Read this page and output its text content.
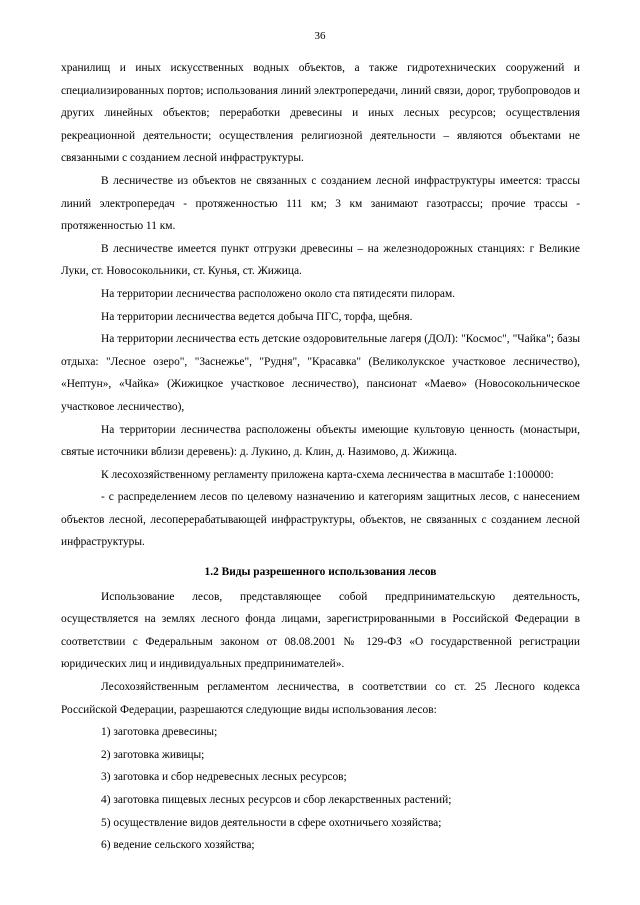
36

хранилищ и иных искусственных водных объектов, а также гидротехнических сооружений и специализированных портов; использования линий электропередачи, линий связи, дорог, трубопроводов и других линейных объектов; переработки древесины и иных лесных ресурсов; осуществления рекреационной деятельности; осуществления религиозной деятельности – являются объектами не связанными с созданием лесной инфраструктуры.

В лесничестве из объектов не связанных с созданием лесной инфраструктуры имеется: трассы линий электропередач - протяженностью 111 км; 3 км занимают газотрассы; прочие трассы - протяженностью 11 км.

В лесничестве имеется пункт отгрузки древесины – на железнодорожных станциях: г Великие Луки, ст. Новосокольники, ст. Кунья, ст. Жижица.

На территории лесничества расположено около ста пятидесяти пилорам.

На территории лесничества ведется добыча ПГС, торфа, щебня.

На территории лесничества есть детские оздоровительные лагеря (ДОЛ): "Космос", "Чайка"; базы отдыха: "Лесное озеро", "Заснежье", "Рудня", "Красавка" (Великолукское участковое лесничество), «Нептун», «Чайка» (Жижицкое участковое лесничество), пансионат «Маево» (Новосокольническое участковое лесничество),

На территории лесничества расположены объекты имеющие культовую ценность (монастыри, святые источники вблизи деревень): д. Лукино, д. Клин, д. Назимово, д. Жижица.

К лесохозяйственному регламенту приложена карта-схема лесничества в масштабе 1:100000:

- с распределением лесов по целевому назначению и категориям защитных лесов, с нанесением объектов лесной, лесоперерабатывающей инфраструктуры, объектов, не связанных с созданием лесной инфраструктуры.

1.2 Виды разрешенного использования лесов

Использование лесов, представляющее собой предпринимательскую деятельность, осуществляется на землях лесного фонда лицами, зарегистрированными в Российской Федерации в соответствии с Федеральным законом от 08.08.2001 № 129-ФЗ «О государственной регистрации юридических лиц и индивидуальных предпринимателей».

Лесохозяйственным регламентом лесничества, в соответствии со ст. 25 Лесного кодекса Российской Федерации, разрешаются следующие виды использования лесов:

1) заготовка древесины;

2) заготовка живицы;

3) заготовка и сбор недревесных лесных ресурсов;

4) заготовка пищевых лесных ресурсов и сбор лекарственных растений;

5) осуществление видов деятельности в сфере охотничьего хозяйства;

6) ведение сельского хозяйства;
